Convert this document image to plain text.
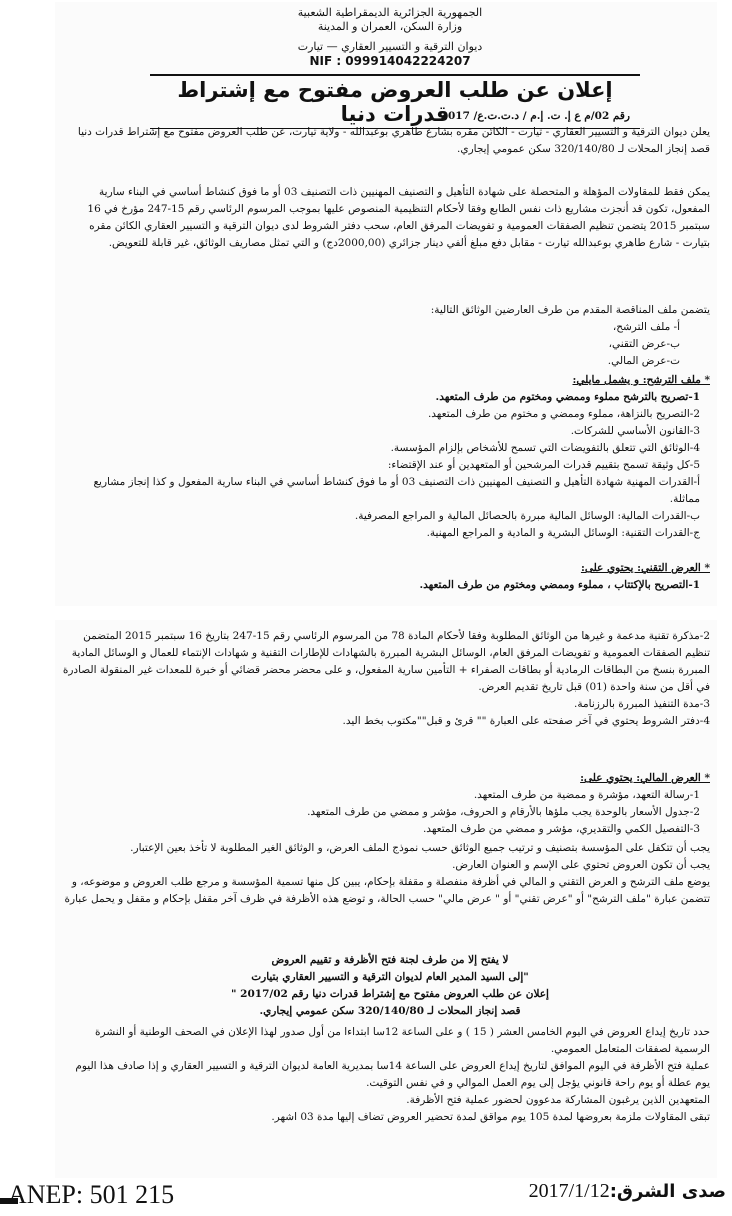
الجمهورية الجزائرية الديمقراطية الشعبية
وزارة السكن، العمران و المدينة
ديوان الترقية و التسيير العقاري — تيارت
NIF : 099914042224207
إعلان عن طلب العروض مفتوح مع إشتراط قدرات دنيا
رقم 02/م ع إ. ت. إ.م / د.ت.ت.ع/ 2017
يعلن ديوان الترقية و التسيير العقاري - تيارت - الكائن مقره بشارع طاهري بوعبدالله - ولاية تيارت، عن طلب العروض مفتوح مع إشتراط قدرات دنيا قصد إنجاز المحلات لـ 320/140/80 سكن عمومي إيجاري.
يمكن فقط للمقاولات المؤهلة و المتحصلة على شهادة التأهيل و التصنيف المهنيين ذات التصنيف 03 أو ما فوق كنشاط أساسي في البناء سارية المفعول، تكون قد أنجزت مشاريع ذات نفس الطابع وفقا لأحكام التنظيمية المنصوص عليها بموجب المرسوم الرئاسي رقم 15-247 مؤرخ في 16 سبتمبر 2015 يتضمن تنظيم الصفقات العمومية و تفويضات المرفق العام، سحب دفتر الشروط لدى ديوان الترقية و التسيير العقاري الكائن مقره بتيارت - شارع طاهري بوعبدالله تيارت - مقابل دفع مبلغ ألفي دينار جزائري (2000,00دج) و التي تمثل مصاريف الوثائق، غير قابلة للتعويض.
يتضمن ملف المناقصة المقدم من طرف العارضين الوثائق التالية:
أ- ملف الترشح،
ب-عرض التقني،
ت-عرض المالي.
* ملف الترشح: و يشمل مايلي:
1-تصريح بالترشح مملوء وممضي ومختوم من طرف المتعهد.
2-التصريح بالنزاهة، مملوء وممضي و مختوم من طرف المتعهد.
3-القانون الأساسي للشركات.
4-الوثائق التي تتعلق بالتفويضات التي تسمح للأشخاص بإلزام المؤسسة.
5-كل وثيقة تسمح بتقييم قدرات المرشحين أو المتعهدين أو عند الإقتضاء:
أ-القدرات المهنية شهادة التأهيل و التصنيف المهنيين ذات التصنيف 03 أو ما فوق كنشاط أساسي في البناء سارية المفعول و كذا إنجاز مشاريع مماثلة.
ب-القدرات المالية: الوسائل المالية مبررة بالحصائل المالية و المراجع المصرفية.
ج-القدرات التقنية: الوسائل البشرية و المادية و المراجع المهنية.
* العرض التقني: يحتوي على:
1-التصريح بالإكتتاب ، مملوء وممضي ومختوم من طرف المتعهد.
2-مذكرة تقنية مدعمة و غيرها من الوثائق المطلوبة وفقا لأحكام المادة 78 من المرسوم الرئاسي رقم 15-247 بتاريخ 16 سبتمبر 2015 المتضمن تنظيم الصفقات العمومية و تفويضات المرفق العام، الوسائل البشرية المبررة بالشهادات للإطارات التقنية و شهادات الإنتماء للعمال و الوسائل المادية المبررة بنسخ من البطاقات الرمادية أو بطاقات الصفراء + التأمين سارية المفعول، و على محضر محضر قضائي أو خبرة للمعدات غير المنقولة الصادرة في أقل من سنة واحدة (01) قبل تاريخ تقديم العرض.
3-مدة التنفيذ المبررة بالرزنامة.
4-دفتر الشروط يحتوي في آخر صفحته على العبارة "" قرئ و قبل""مكتوب بخط اليد.
* العرض المالي: يحتوي على:
1-رسالة التعهد، مؤشرة و ممضية من طرف المتعهد.
2-جدول الأسعار بالوحدة يجب ملؤها بالأرقام و الحروف، مؤشر و ممضي من طرف المتعهد.
3-التفصيل الكمي والتقديري، مؤشر و ممضي من طرف المتعهد.
يجب أن تتكفل على المؤسسة بتصنيف و ترتيب جميع الوثائق حسب نموذج الملف العرض، و الوثائق الغير المطلوبة لا تأخذ بعين الإعتبار.
يجب أن تكون العروض تحتوي على الإسم و العنوان العارض.
يوضع ملف الترشح و العرض التقني و المالي في أظرفة منفصلة و مقفلة بإحكام، يبين كل منها تسمية المؤسسة و مرجع طلب العروض و موضوعه، و تتضمن عبارة "ملف الترشح" أو "عرض تقني" أو " عرض مالي" حسب الحالة، و توضع هذه الأظرفة في ظرف آخر مقفل بإحكام و مقفل و يحمل عبارة
لا يفتح إلا من طرف لجنة فتح الأظرفة و تقييم العروض
"إلى السيد المدير العام لديوان الترقية و التسيير العقاري بتيارت
إعلان عن طلب العروض مفتوح مع إشتراط قدرات دنيا رقم 2017/02 "
قصد إنجاز المحلات لـ 320/140/80 سكن عمومي إيجاري.
حدد تاريخ إيداع العروض في اليوم الخامس العشر ( 15 ) و على الساعة 12سا ابتداءا من أول صدور لهذا الإعلان في الصحف الوطنية أو النشرة الرسمية لصفقات المتعامل العمومي.
عملية فتح الأظرفة في اليوم الموافق لتاريخ إيداع العروض على الساعة 14سا بمديرية العامة لديوان الترقية و التسيير العقاري و إذا صادف هذا اليوم يوم عطلة أو يوم راحة قانوني يؤجل إلى يوم العمل الموالي و في نفس التوقيت.
المتعهدين الذين يرغبون المشاركة مدعوون لحضور عملية فتح الأظرفة.
تبقى المقاولات ملزمة بعروضها لمدة 105 يوم مواقق لمدة تحضير العروض تضاف إليها مدة 03 اشهر.
ANEP: 501 215	صدى الشرق:2017/1/12
